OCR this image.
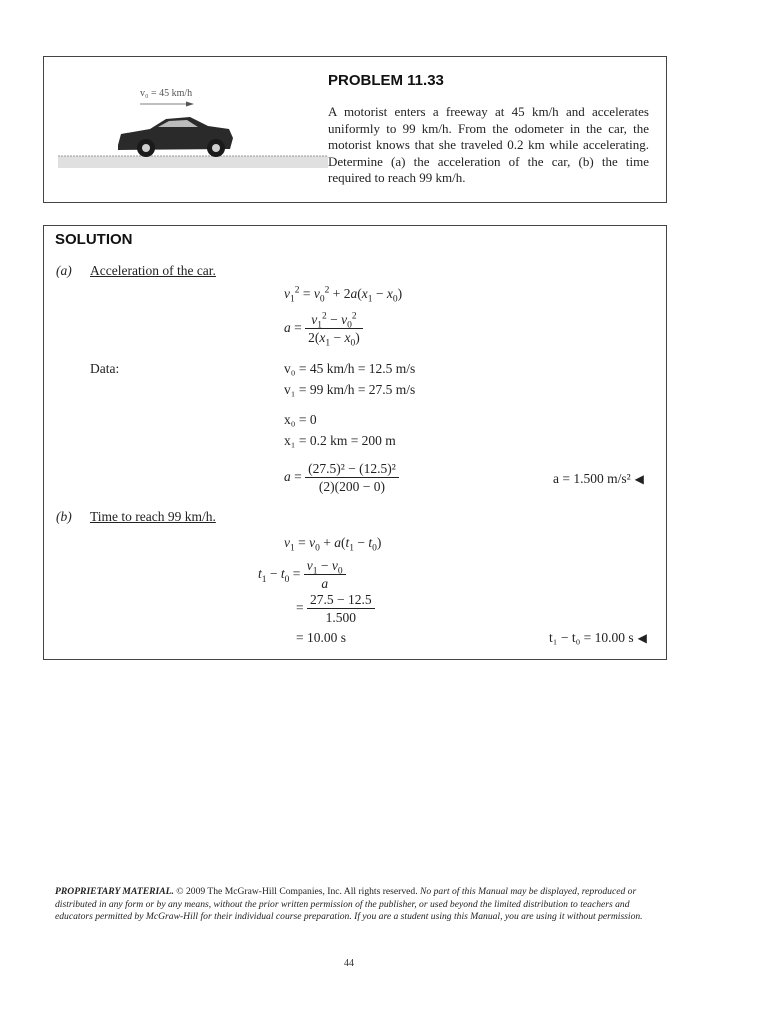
v₀ = 45 km/h
PROBLEM 11.33
A motorist enters a freeway at 45 km/h and accelerates uniformly to 99 km/h. From the odometer in the car, the motorist knows that she traveled 0.2 km while accelerating. Determine (a) the acceleration of the car, (b) the time required to reach 99 km/h.
SOLUTION
(a) Acceleration of the car.
$v_1^2 = v_0^2 + 2a(x_1 - x_0)$
$a = \frac{v_1^2 - v_0^2}{2(x_1 - x_0)}$
Data:	v₀ = 45 km/h = 12.5 m/s
v₁ = 99 km/h = 27.5 m/s
x₀ = 0
x₁ = 0.2 km = 200 m
$a = \frac{\text{(27.5)² − (12.5)²}}{(2)(200 - 0)}$	a = 1.500 m/s² ◀
(b) Time to reach 99 km/h.
$v_1 = v_0 + a(t_1 - t_0)$
$t_1 - t_0 = \frac{v_1 - v_0}{a}$
= $\frac{27.5 - 12.5}{1.500}$
= 10.00 s	t₁ − t₀ = 10.00 s ◀
PROPRIETARY MATERIAL. © 2009 The McGraw-Hill Companies, Inc. All rights reserved. No part of this Manual may be displayed, reproduced or distributed in any form or by any means, without the prior written permission of the publisher, or used beyond the limited distribution to teachers and educators permitted by McGraw-Hill for their individual course preparation. If you are a student using this Manual, you are using it without permission.
44
